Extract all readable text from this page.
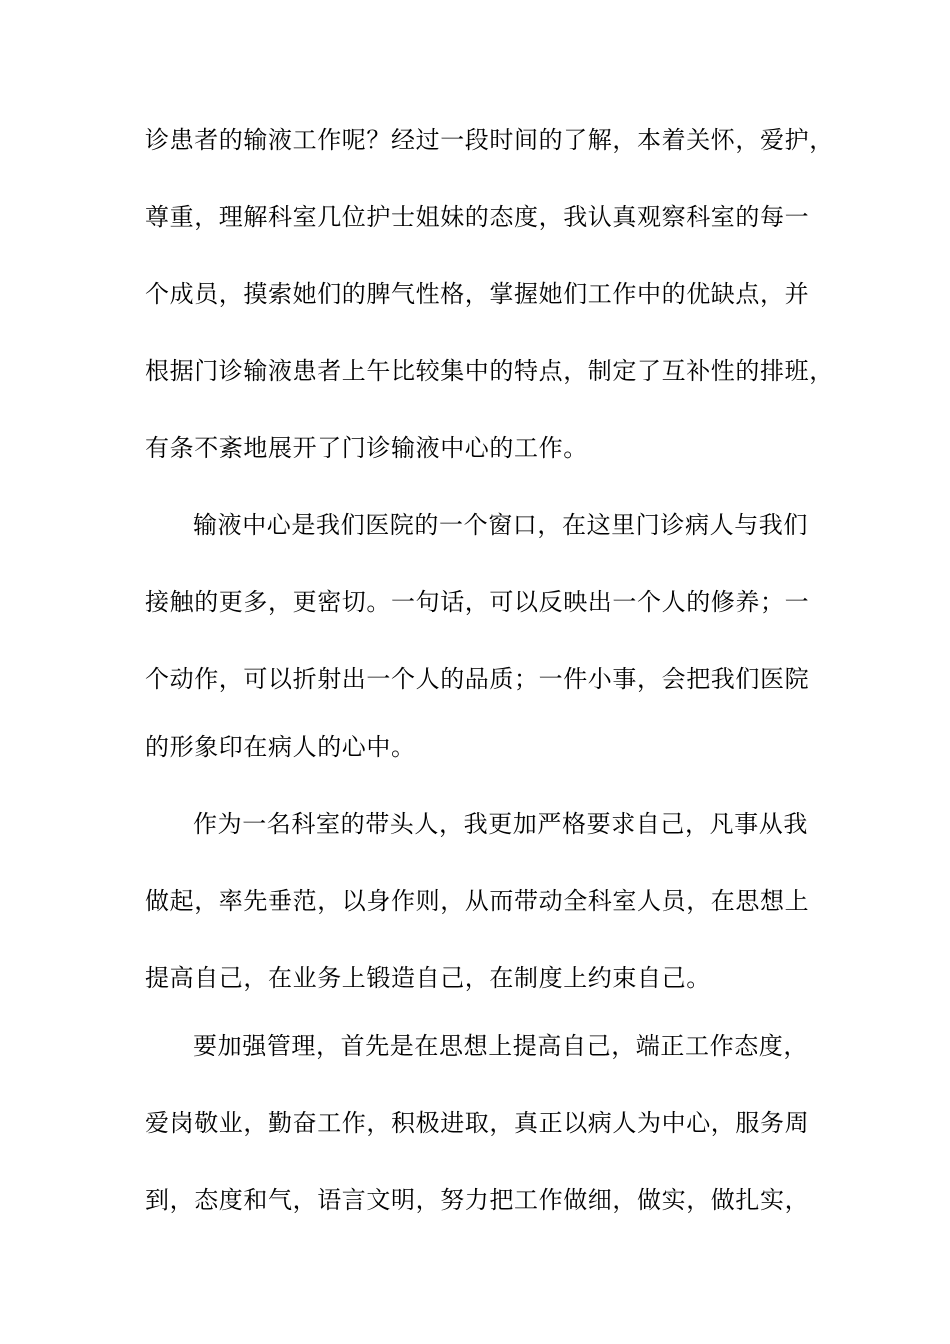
诊患者的输液工作呢？经过一段时间的了解，本着关怀，爱护，
尊重，理解科室几位护士姐妹的态度，我认真观察科室的每一
个成员，摸索她们的脾气性格，掌握她们工作中的优缺点，并
根据门诊输液患者上午比较集中的特点，制定了互补性的排班，
有条不紊地展开了门诊输液中心的工作。
输液中心是我们医院的一个窗口，在这里门诊病人与我们
接触的更多，更密切。一句话，可以反映出一个人的修养；一
个动作，可以折射出一个人的品质；一件小事，会把我们医院
的形象印在病人的心中。
作为一名科室的带头人，我更加严格要求自己，凡事从我
做起，率先垂范，以身作则，从而带动全科室人员，在思想上
提高自己，在业务上锻造自己，在制度上约束自己。
要加强管理，首先是在思想上提高自己，端正工作态度，
爱岗敬业，勤奋工作，积极进取，真正以病人为中心，服务周
到，态度和气，语言文明，努力把工作做细，做实，做扎实，
